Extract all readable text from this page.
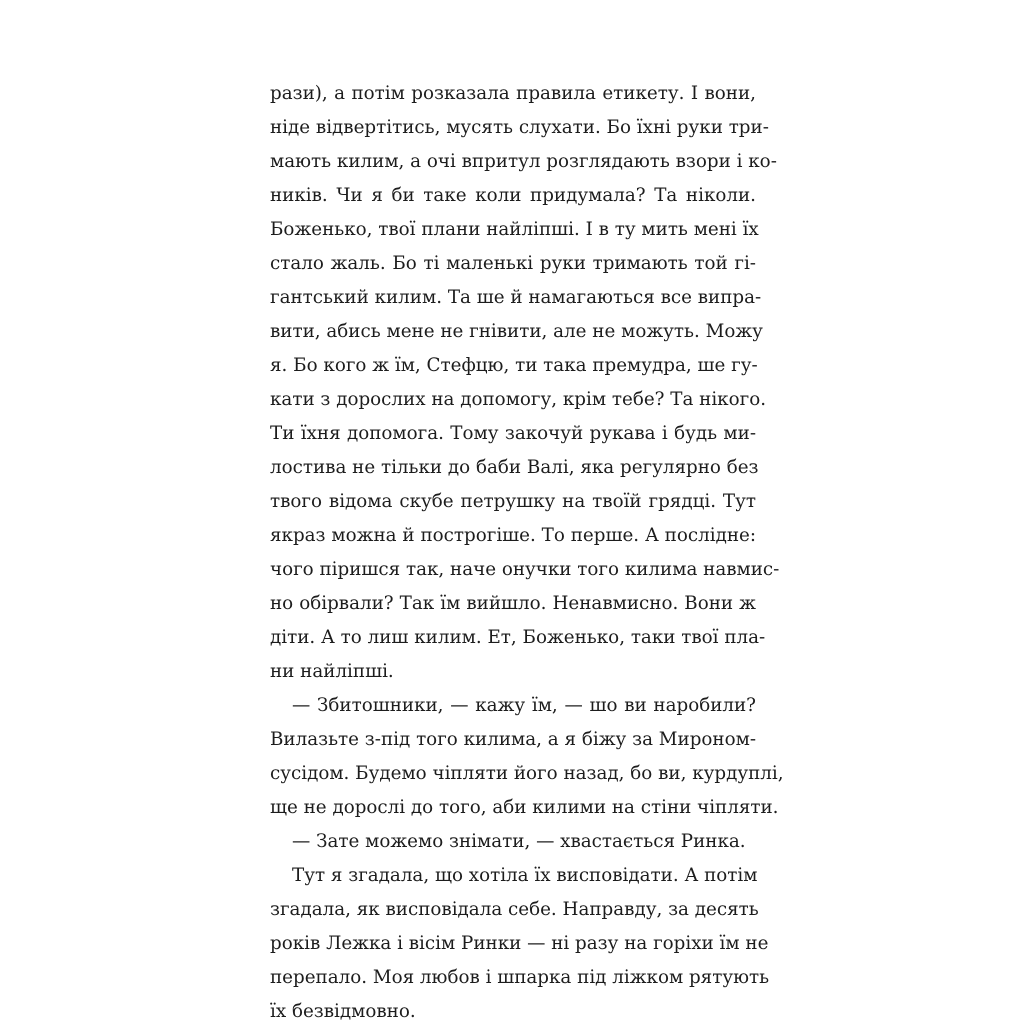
рази), а потім розказала правила етикету. І вони,
ніде відвертітись, мусять слухати. Бо їхні руки три-
мають килим, а очі впритул розглядають взори і ко-
ників. Чи я би таке коли придумала? Та ніколи.
Боженько, твої плани найліпші. І в ту мить мені їх
стало жаль. Бо ті маленькі руки тримають той гі-
гантський килим. Та ше й намагаються все випра-
вити, абись мене не гнівити, але не можуть. Можу
я. Бо кого ж їм, Стефцю, ти така премудра, ше гу-
кати з дорослих на допомогу, крім тебе? Та нікого.
Ти їхня допомога. Тому закочуй рукава і будь ми-
лостива не тільки до баби Валі, яка регулярно без
твого відома скубе петрушку на твоїй грядці. Тут
якраз можна й построгіше. То перше. А послідне:
чого піришся так, наче онучки того килима навмис-
но обірвали? Так їм вийшло. Ненавмисно. Вони ж
діти. А то лиш килим. Ет, Боженько, таки твої пла-
ни найліпші.
— Збитошники, — кажу їм, — шо ви наробили?
Вилазьте з-під того килима, а я біжу за Мироном-
сусідом. Будемо чіпляти його назад, бо ви, курдуплі,
ще не дорослі до того, аби килими на стіни чіпляти.
— Зате можемо знімати, — хвастається Ринка.
Тут я згадала, що хотіла їх висповідати. А потім
згадала, як висповідала себе. Направду, за десять
років Лежка і вісім Ринки — ні разу на горіхи їм не
перепало. Моя любов і шпарка під ліжком рятують
їх безвідмовно.
